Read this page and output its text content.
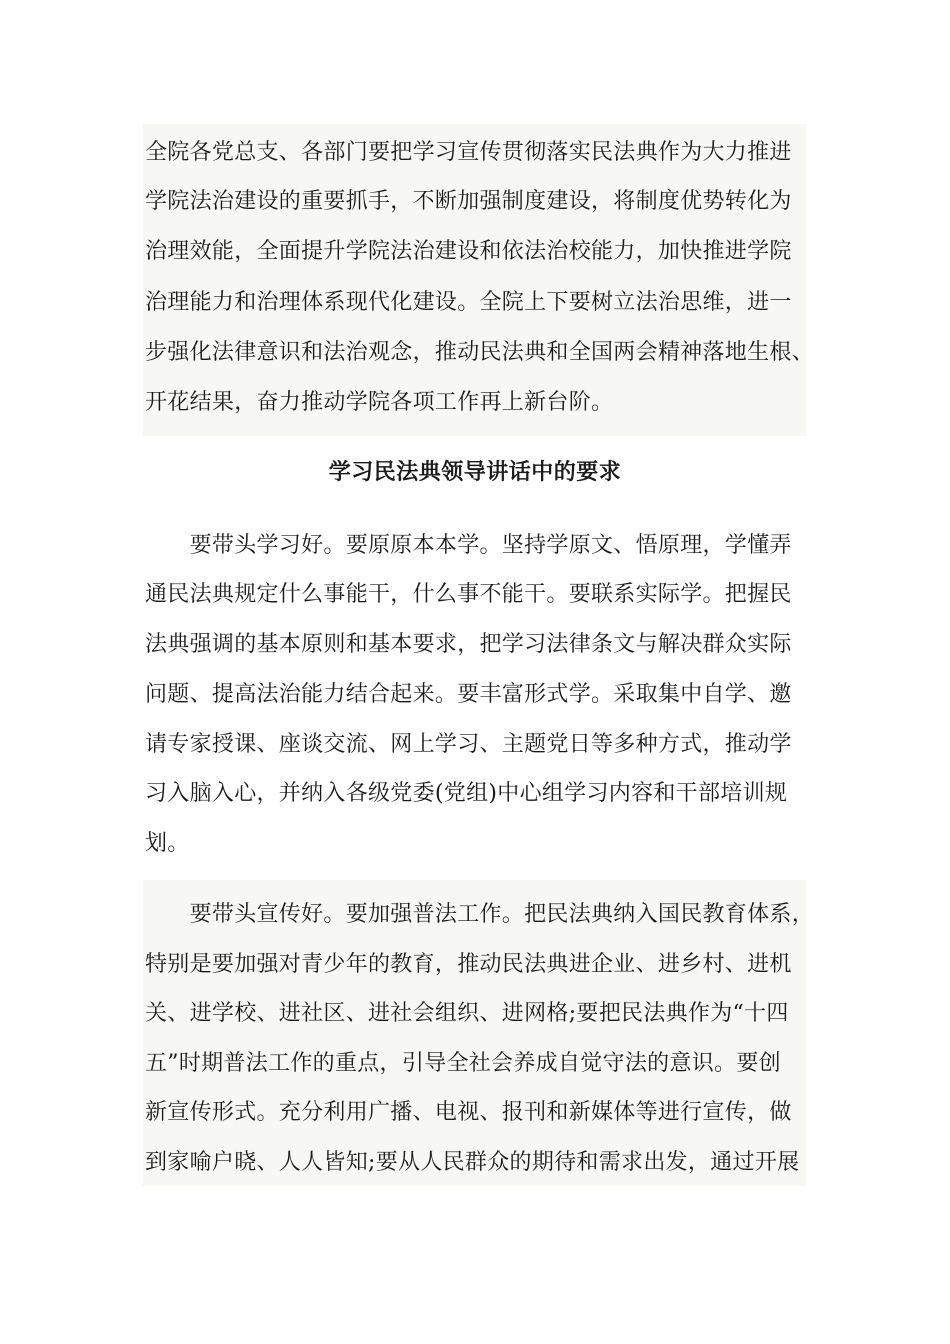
全院各党总支、各部门要把学习宣传贯彻落实民法典作为大力推进
学院法治建设的重要抓手，不断加强制度建设，将制度优势转化为
治理效能，全面提升学院法治建设和依法治校能力，加快推进学院
治理能力和治理体系现代化建设。全院上下要树立法治思维，进一
步强化法律意识和法治观念，推动民法典和全国两会精神落地生根、
开花结果，奋力推动学院各项工作再上新台阶。
学习民法典领导讲话中的要求
　　要带头学习好。要原原本本学。坚持学原文、悟原理，学懂弄
通民法典规定什么事能干，什么事不能干。要联系实际学。把握民
法典强调的基本原则和基本要求，把学习法律条文与解决群众实际
问题、提高法治能力结合起来。要丰富形式学。采取集中自学、邀
请专家授课、座谈交流、网上学习、主题党日等多种方式，推动学
习入脑入心，并纳入各级党委(党组)中心组学习内容和干部培训规
划。
　　要带头宣传好。要加强普法工作。把民法典纳入国民教育体系，
特别是要加强对青少年的教育，推动民法典进企业、进乡村、进机
关、进学校、进社区、进社会组织、进网格;要把民法典作为“十四
五”时期普法工作的重点，引导全社会养成自觉守法的意识。要创
新宣传形式。充分利用广播、电视、报刊和新媒体等进行宣传，做
到家喻户晓、人人皆知;要从人民群众的期待和需求出发，通过开展
